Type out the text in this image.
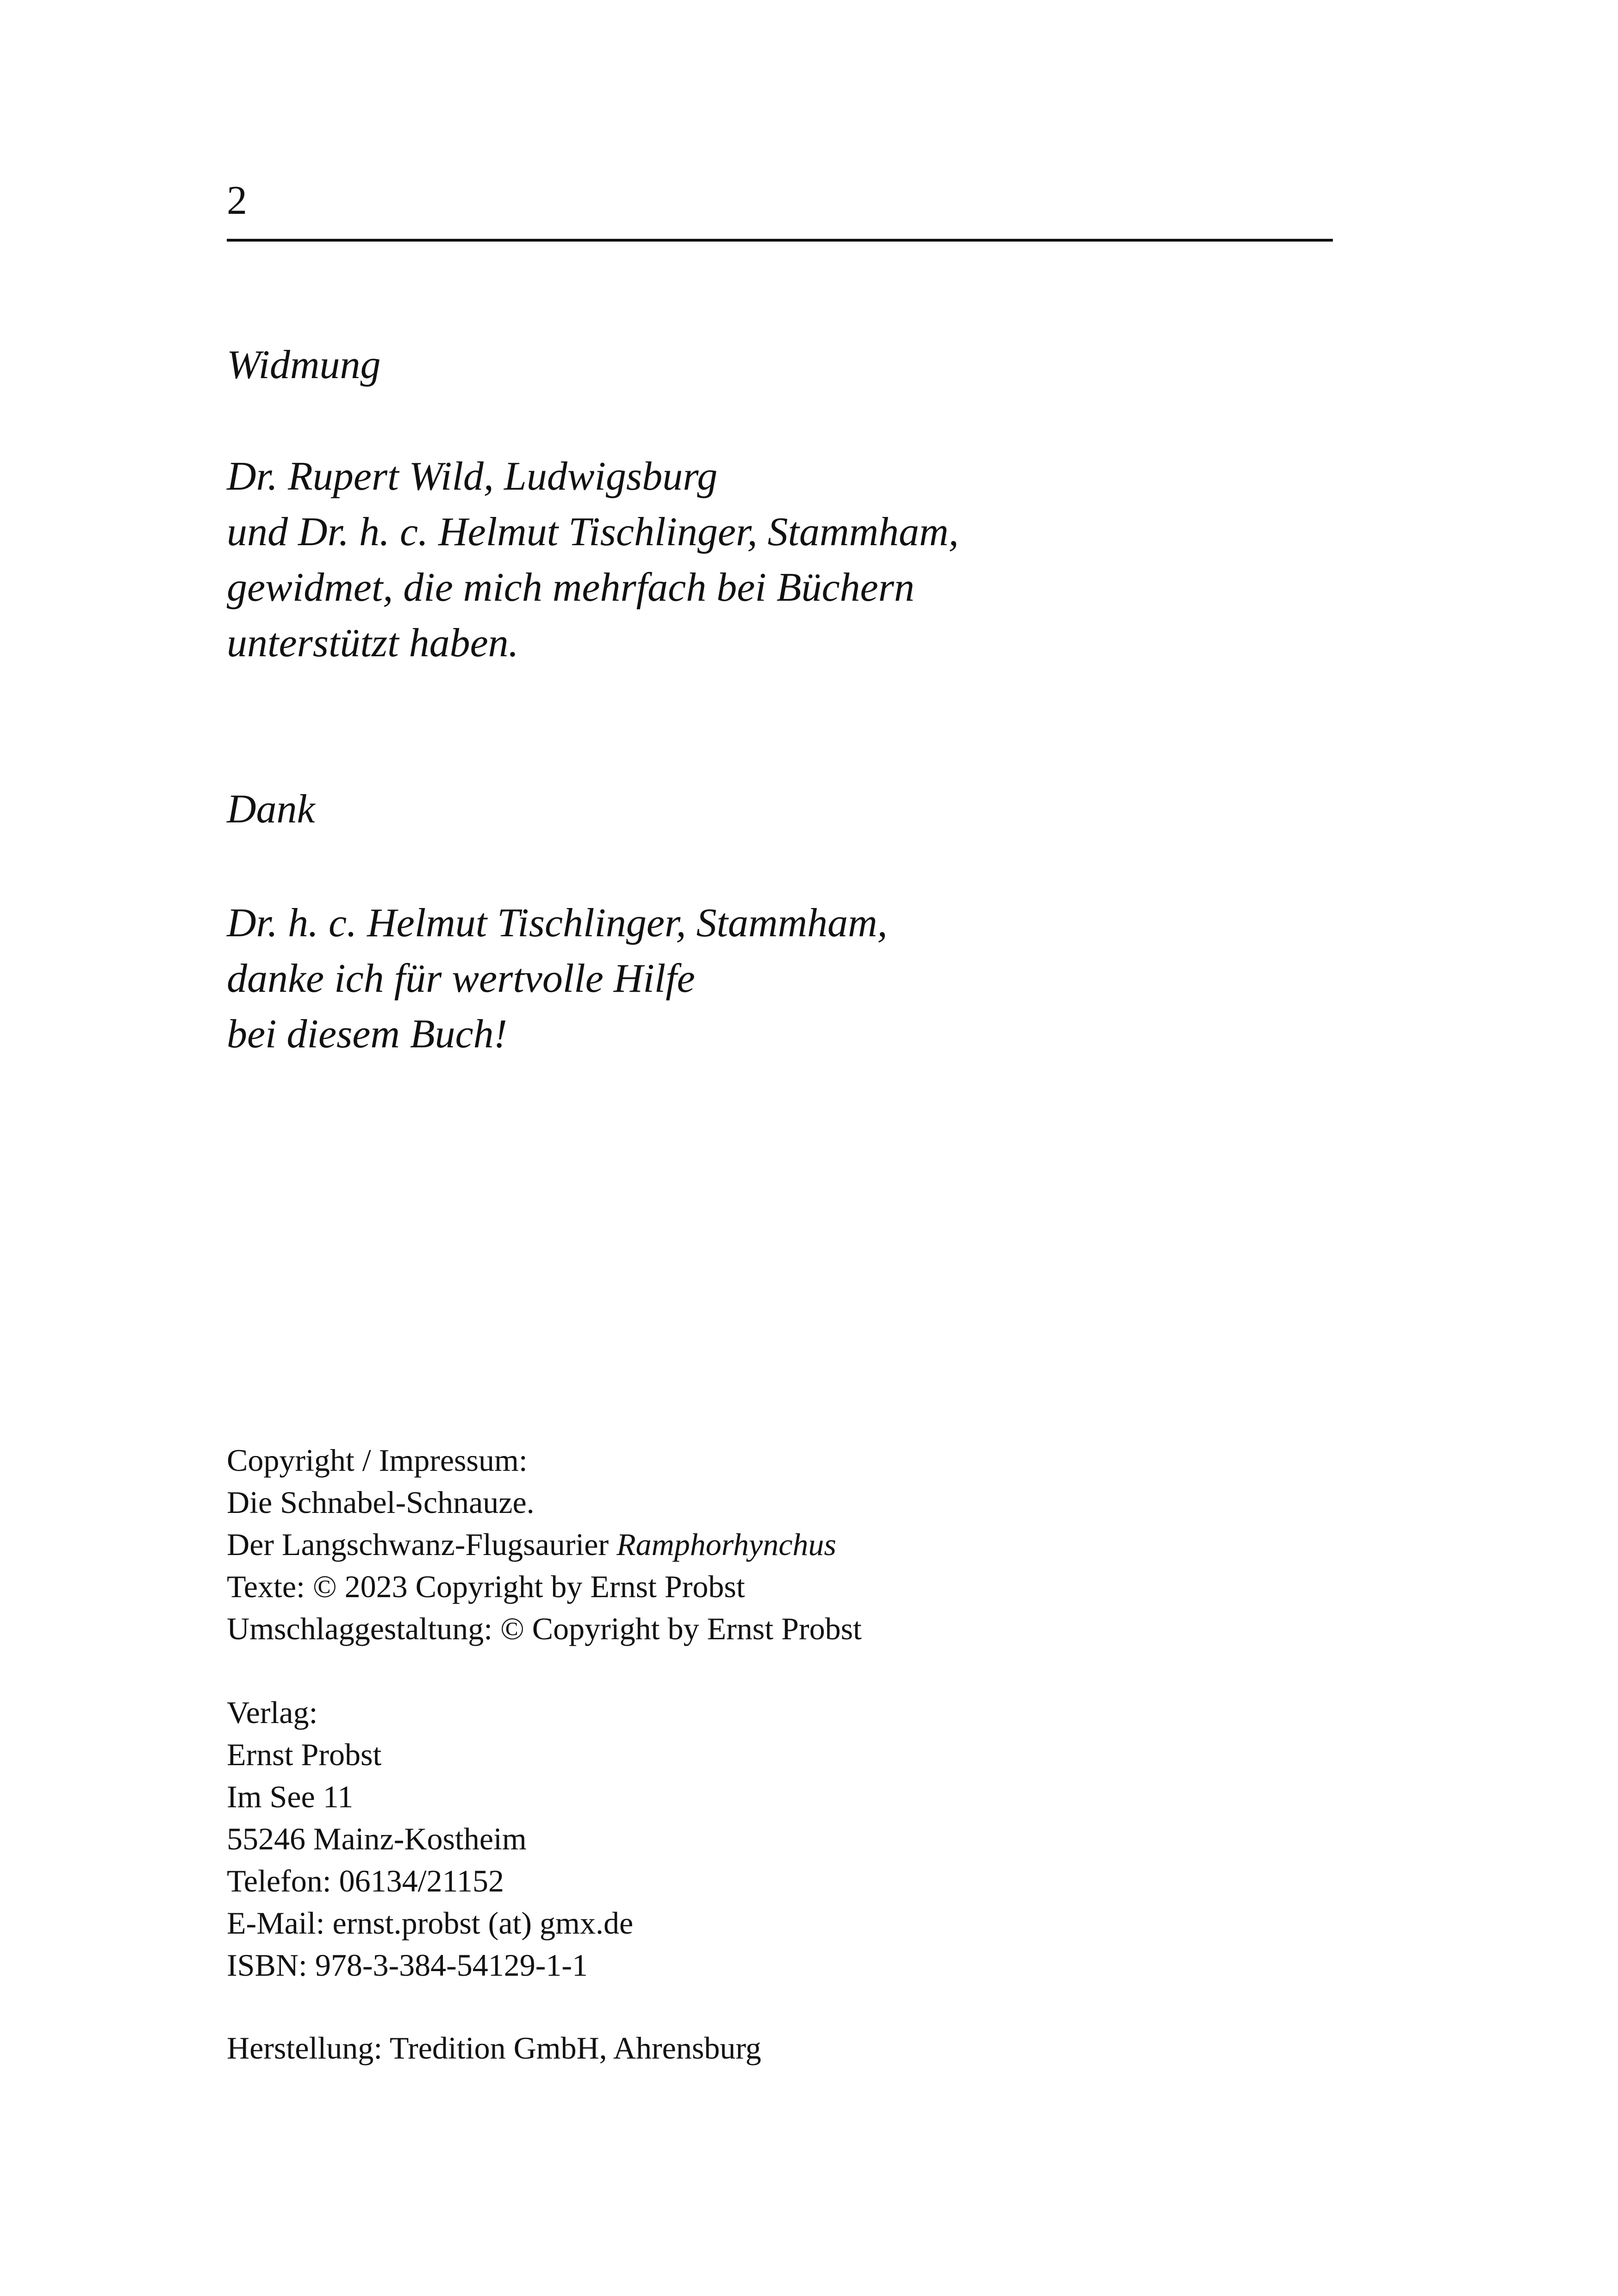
2
Widmung
Dr. Rupert Wild, Ludwigsburg
und Dr. h. c. Helmut Tischlinger, Stammham,
gewidmet, die mich mehrfach bei Büchern
unterstützt haben.
Dank
Dr. h. c. Helmut Tischlinger, Stammham,
danke ich für wertvolle Hilfe
bei diesem Buch!
Copyright / Impressum:
Die Schnabel-Schnauze.
Der Langschwanz-Flugsaurier Ramphorhynchus
Texte: © 2023 Copyright by Ernst Probst
Umschlaggestaltung: © Copyright by Ernst Probst
Verlag:
Ernst Probst
Im See 11
55246 Mainz-Kostheim
Telefon: 06134/21152
E-Mail: ernst.probst (at) gmx.de
ISBN: 978-3-384-54129-1-1
Herstellung: Tredition GmbH, Ahrensburg
